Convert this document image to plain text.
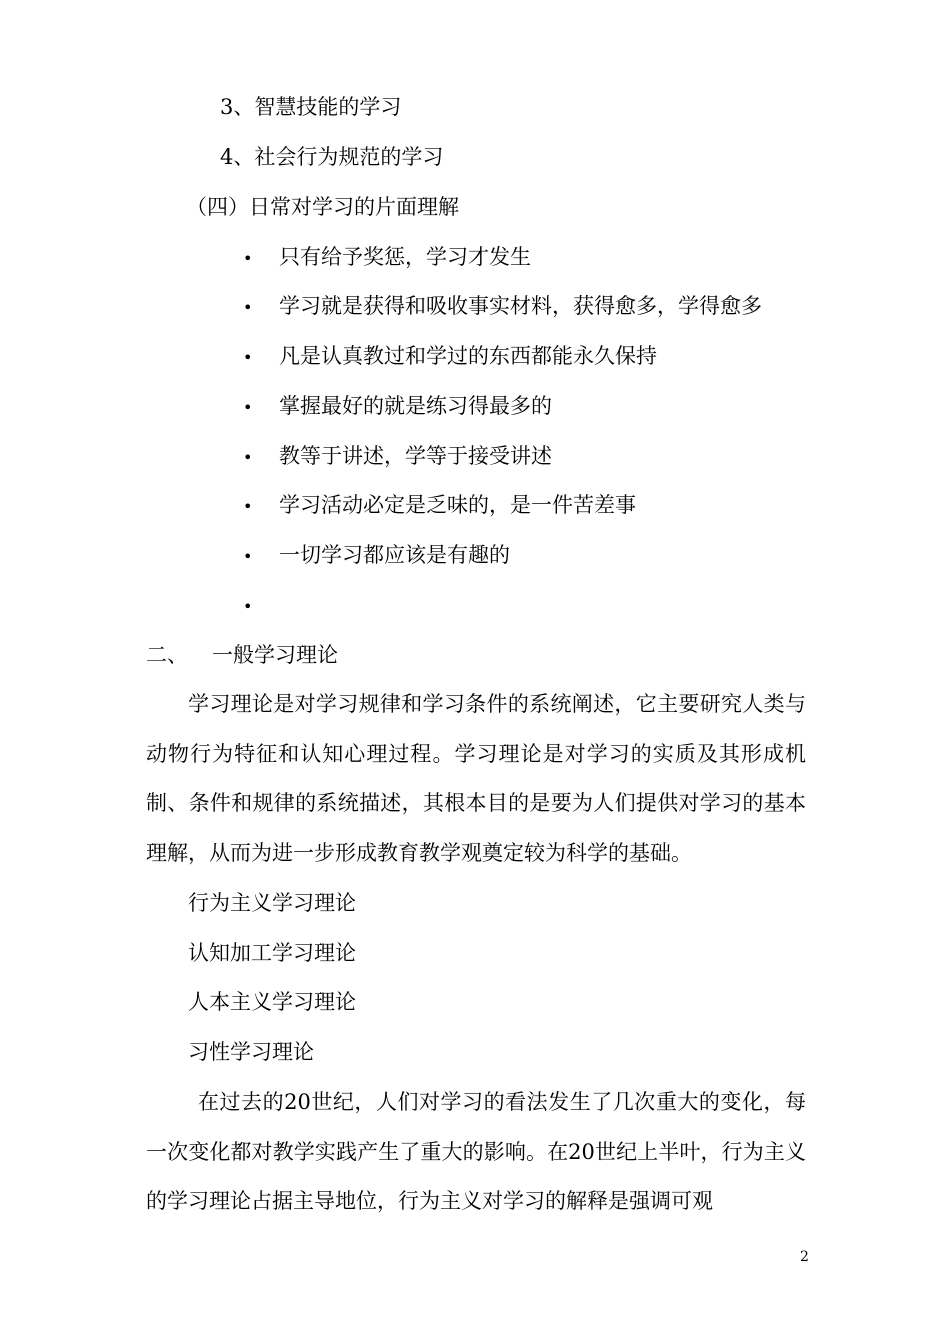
3、智慧技能的学习
4、社会行为规范的学习
（四）日常对学习的片面理解
• 只有给予奖惩，学习才发生
• 学习就是获得和吸收事实材料，获得愈多，学得愈多
• 凡是认真教过和学过的东西都能永久保持
• 掌握最好的就是练习得最多的
• 教等于讲述，学等于接受讲述
• 学习活动必定是乏味的，是一件苦差事
• 一切学习都应该是有趣的
•
二、 一般学习理论

学习理论是对学习规律和学习条件的系统阐述，它主要研究人类与动物行为特征和认知心理过程。学习理论是对学习的实质及其形成机制、条件和规律的系统描述，其根本目的是要为人们提供对学习的基本理解，从而为进一步形成教育教学观奠定较为科学的基础。

行为主义学习理论
认知加工学习理论
人本主义学习理论
习性学习理论

在过去的20世纪，人们对学习的看法发生了几次重大的变化，每一次变化都对教学实践产生了重大的影响。在20世纪上半叶，行为主义的学习理论占据主导地位，行为主义对学习的解释是强调可观

2
